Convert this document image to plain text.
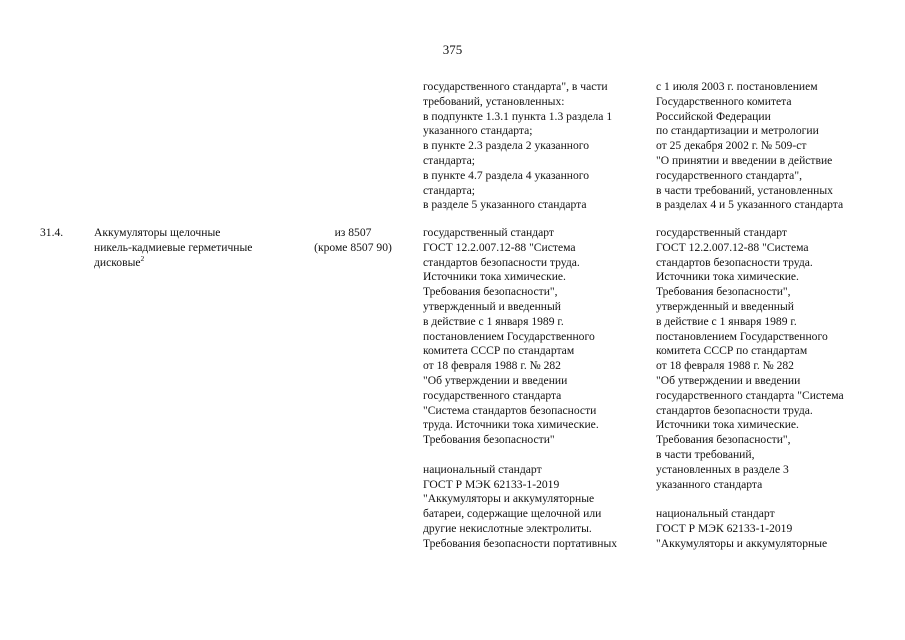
375
государственного стандарта", в части
требований, установленных:
в подпункте 1.3.1 пункта 1.3 раздела 1
указанного стандарта;
в пункте 2.3 раздела 2 указанного
стандарта;
в пункте 4.7 раздела 4 указанного
стандарта;
в разделе 5 указанного стандарта
с 1 июля 2003 г. постановлением
Государственного комитета
Российской Федерации
по стандартизации и метрологии
от 25 декабря 2002 г. № 509-ст
"О принятии и введении в действие
государственного стандарта",
в части требований, установленных
в разделах 4 и 5 указанного стандарта
31.4.	Аккумуляторы щелочные
никель-кадмиевые герметичные
дисковые$^2$
из 8507
(кроме 8507 90)
государственный стандарт
ГОСТ 12.2.007.12-88 "Система
стандартов безопасности труда.
Источники тока химические.
Требования безопасности",
утвержденный и введенный
в действие с 1 января 1989 г.
постановлением Государственного
комитета СССР по стандартам
от 18 февраля 1988 г. № 282
"Об утверждении и введении
государственного стандарта
"Система стандартов безопасности
труда. Источники тока химические.
Требования безопасности"

национальный стандарт
ГОСТ Р МЭК 62133-1-2019
"Аккумуляторы и аккумуляторные
батареи, содержащие щелочной или
другие некислотные электролиты.
Требования безопасности портативных
государственный стандарт
ГОСТ 12.2.007.12-88 "Система
стандартов безопасности труда.
Источники тока химические.
Требования безопасности",
утвержденный и введенный
в действие с 1 января 1989 г.
постановлением Государственного
комитета СССР по стандартам
от 18 февраля 1988 г. № 282
"Об утверждении и введении
государственного стандарта "Система
стандартов безопасности труда.
Источники тока химические.
Требования безопасности",
в части требований,
установленных в разделе 3
указанного стандарта

национальный стандарт
ГОСТ Р МЭК 62133-1-2019
"Аккумуляторы и аккумуляторные
